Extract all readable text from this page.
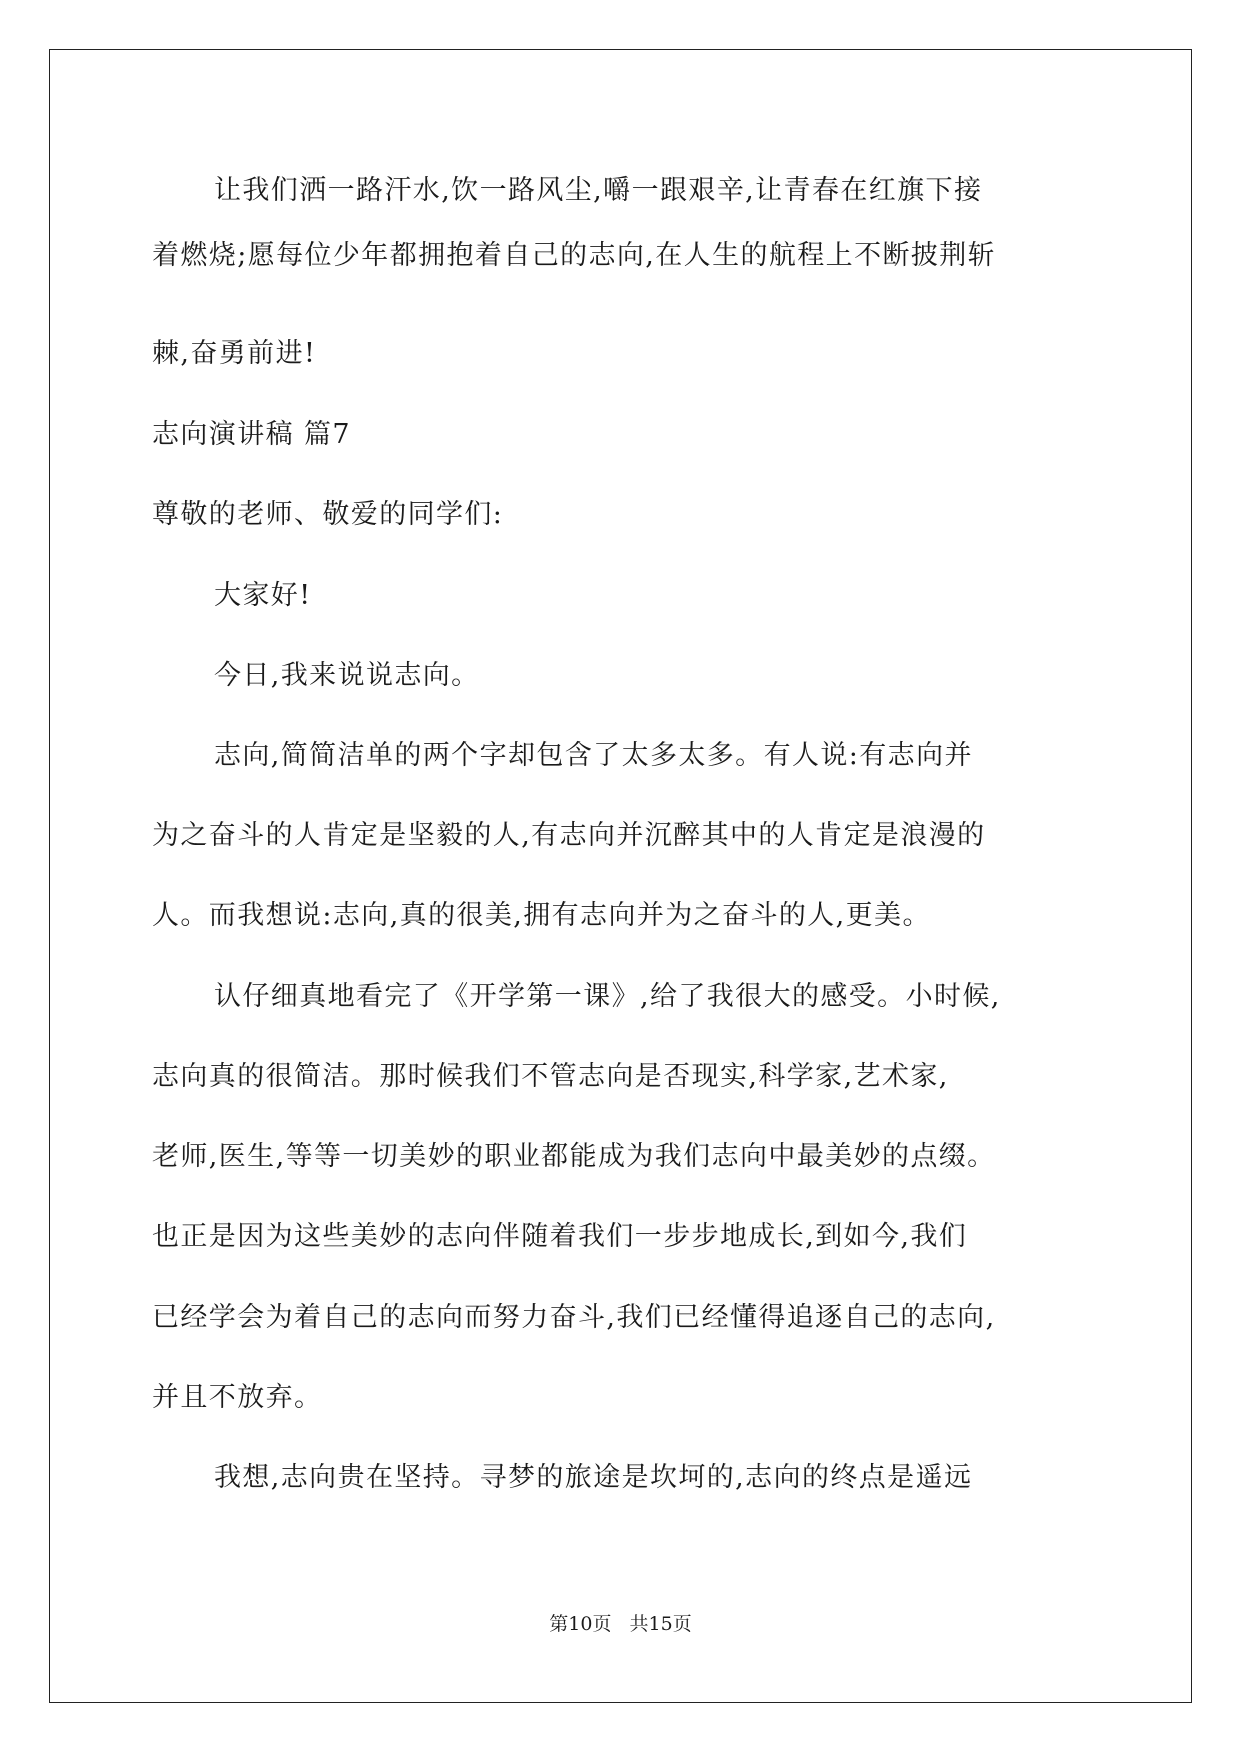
让我们洒一路汗水,饮一路风尘,嚼一跟艰辛,让青春在红旗下接
着燃烧;愿每位少年都拥抱着自己的志向,在人生的航程上不断披荆斩
棘,奋勇前进!
志向演讲稿 篇7
尊敬的老师、敬爱的同学们:
大家好!
今日,我来说说志向。
志向,简简洁单的两个字却包含了太多太多。有人说:有志向并
为之奋斗的人肯定是坚毅的人,有志向并沉醉其中的人肯定是浪漫的
人。而我想说:志向,真的很美,拥有志向并为之奋斗的人,更美。
认仔细真地看完了《开学第一课》,给了我很大的感受。小时候,
志向真的很简洁。那时候我们不管志向是否现实,科学家,艺术家,
老师,医生,等等一切美妙的职业都能成为我们志向中最美妙的点缀。
也正是因为这些美妙的志向伴随着我们一步步地成长,到如今,我们
已经学会为着自己的志向而努力奋斗,我们已经懂得追逐自己的志向,
并且不放弃。
我想,志向贵在坚持。寻梦的旅途是坎坷的,志向的终点是遥远
第10页 共15页
